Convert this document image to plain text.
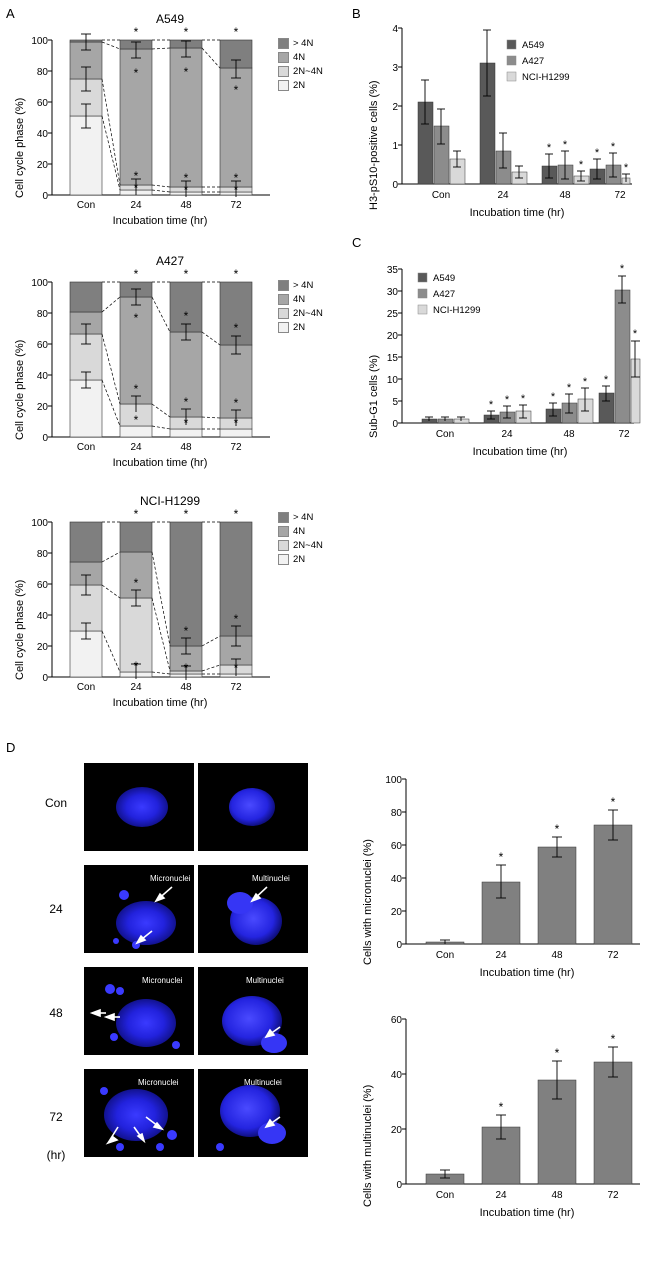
A	B
C
D
A549
Cell cycle phase (%)
100
80
60
40
20
0
*	*	*
*	*
*
*	*	*
*	*	*
Con	24	48	72
Incubation time (hr)
> 4N
4N
2N~4N
2N
A427
Cell cycle phase (%)
100
80
60
40
20
0
*	*	*
*	*
*
*
*	*
*	*	*
Con	24	48	72
Incubation time (hr)
> 4N
4N
2N~4N
2N
NCI-H1299
Cell cycle phase (%)
100
80
60
40
20
0
*	*	*
*
*
*
*	*	*
Con	24	48	72
Incubation time (hr)
> 4N
4N
2N~4N
2N
H3-pS10-positive cells (%)
4
3
2
1
0
* *
*
* *
*
Con	24	48	72
Incubation time (hr)
A549
A427
NCI-H1299
Sub-G1 cells (%)
35
30
25
20
15
10
5
0
* * * *
* * *
*
*
Con	24	48	72
Incubation time (hr)
A549
A427
NCI-H1299
Con
24
48
72
(hr)
Micronuclei	Multinuclei
Micronuclei	Multinuclei
Micronuclei	Multinuclei
Cells with micronuclei (%)
100
80
60
40
20
0
*
*
*
Con	24	48	72
Incubation time (hr)
Cells with multinuclei (%)
60
40
20
0
*
*
*
Con	24	48	72
Incubation time (hr)
